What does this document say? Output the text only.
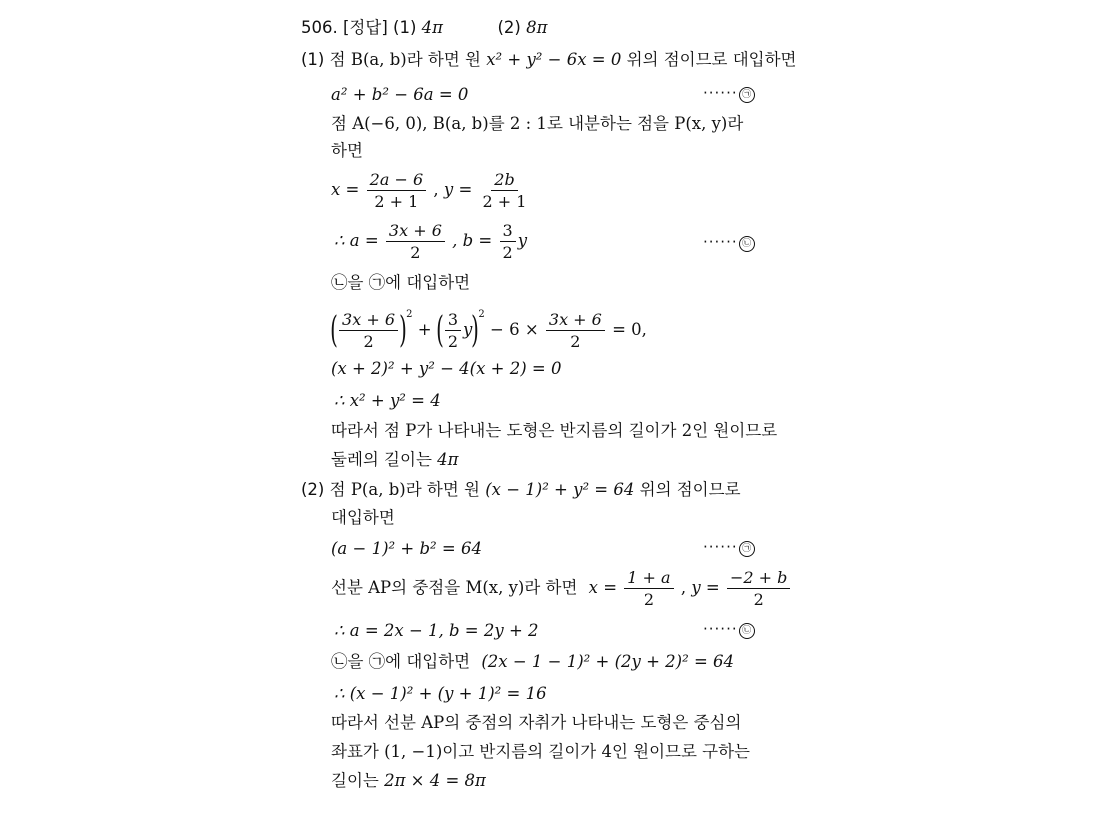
506. [정답] (1) 4π	(2) 8π
(1) 점 B(a, b)라 하면 원 x² + y² − 6x = 0 위의 점이므로 대입하면
a² + b² − 6a = 0	······ ㉠
점 A(−6, 0), B(a, b)를 2 : 1로 내분하는 점을 P(x, y)라
하면
$x = \frac{2a - 6}{2 + 1}$ , $y = \frac{2b}{2 + 1}$
∴ $a = \frac{3x + 6}{2}$ , $b = \frac{3}{2}$ y	······ ㉡
㉡을 ㉠에 대입하면
( $\frac{3x + 6}{2} )^2$ + ( $\frac{3}{2} y)^2 - 6 \times \frac{3x + 6}{2} = 0$,
(x + 2)² + y² − 4(x + 2) = 0
∴ x² + y² = 4
따라서 점 P가 나타내는 도형은 반지름의 길이가 2인 원이므로
둘레의 길이는 4π
(2) 점 P(a, b)라 하면 원 (x − 1)² + y² = 64 위의 점이므로
대입하면
(a − 1)² + b² = 64	······ ㉠
선분 AP의 중점을 M(x, y)라 하면 $x = \frac{1 + a}{2}$ , $y = \frac{-2 + b}{2}$
∴ a = 2x − 1, b = 2y + 2	······ ㉡
㉡을 ㉠에 대입하면 (2x − 1 − 1)² + (2y + 2)² = 64
∴ (x − 1)² + (y + 1)² = 16
따라서 선분 AP의 중점의 자취가 나타내는 도형은 중심의
좌표가 (1, −1)이고 반지름의 길이가 4인 원이므로 구하는
길이는 2π × 4 = 8π
